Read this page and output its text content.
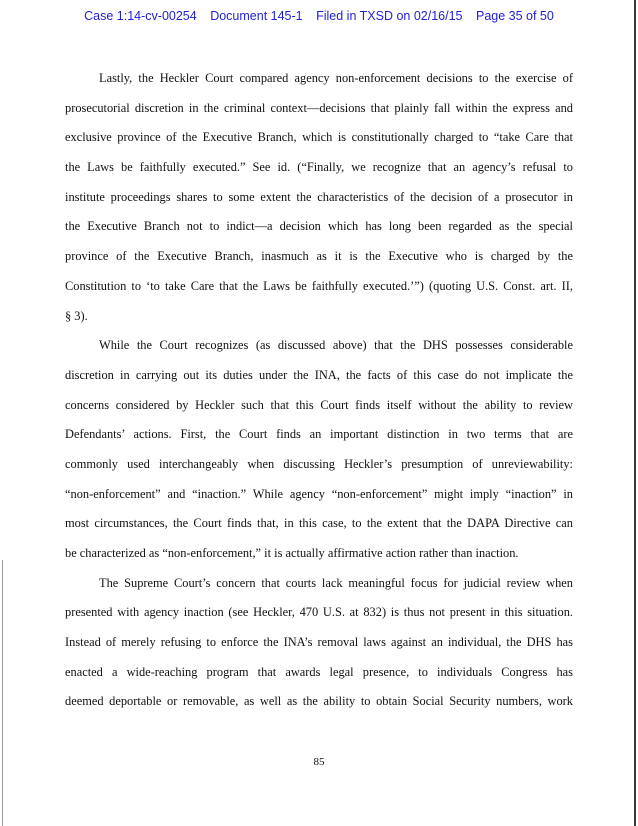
Case 1:14-cv-00254 Document 145-1 Filed in TXSD on 02/16/15 Page 35 of 50
Lastly, the Heckler Court compared agency non-enforcement decisions to the exercise of
prosecutorial discretion in the criminal context—decisions that plainly fall within the express and
exclusive province of the Executive Branch, which is constitutionally charged to “take Care that
the Laws be faithfully executed.” See id. (“Finally, we recognize that an agency’s refusal to
institute proceedings shares to some extent the characteristics of the decision of a prosecutor in
the Executive Branch not to indict—a decision which has long been regarded as the special
province of the Executive Branch, inasmuch as it is the Executive who is charged by the
Constitution to ‘to take Care that the Laws be faithfully executed.’”) (quoting U.S. Const. art. II,
§ 3).
While the Court recognizes (as discussed above) that the DHS possesses considerable
discretion in carrying out its duties under the INA, the facts of this case do not implicate the
concerns considered by Heckler such that this Court finds itself without the ability to review
Defendants’ actions. First, the Court finds an important distinction in two terms that are
commonly used interchangeably when discussing Heckler’s presumption of unreviewability:
“non-enforcement” and “inaction.” While agency “non-enforcement” might imply “inaction” in
most circumstances, the Court finds that, in this case, to the extent that the DAPA Directive can
be characterized as “non-enforcement,” it is actually affirmative action rather than inaction.
The Supreme Court’s concern that courts lack meaningful focus for judicial review when
presented with agency inaction (see Heckler, 470 U.S. at 832) is thus not present in this situation.
Instead of merely refusing to enforce the INA’s removal laws against an individual, the DHS has
enacted a wide-reaching program that awards legal presence, to individuals Congress has
deemed deportable or removable, as well as the ability to obtain Social Security numbers, work
85
